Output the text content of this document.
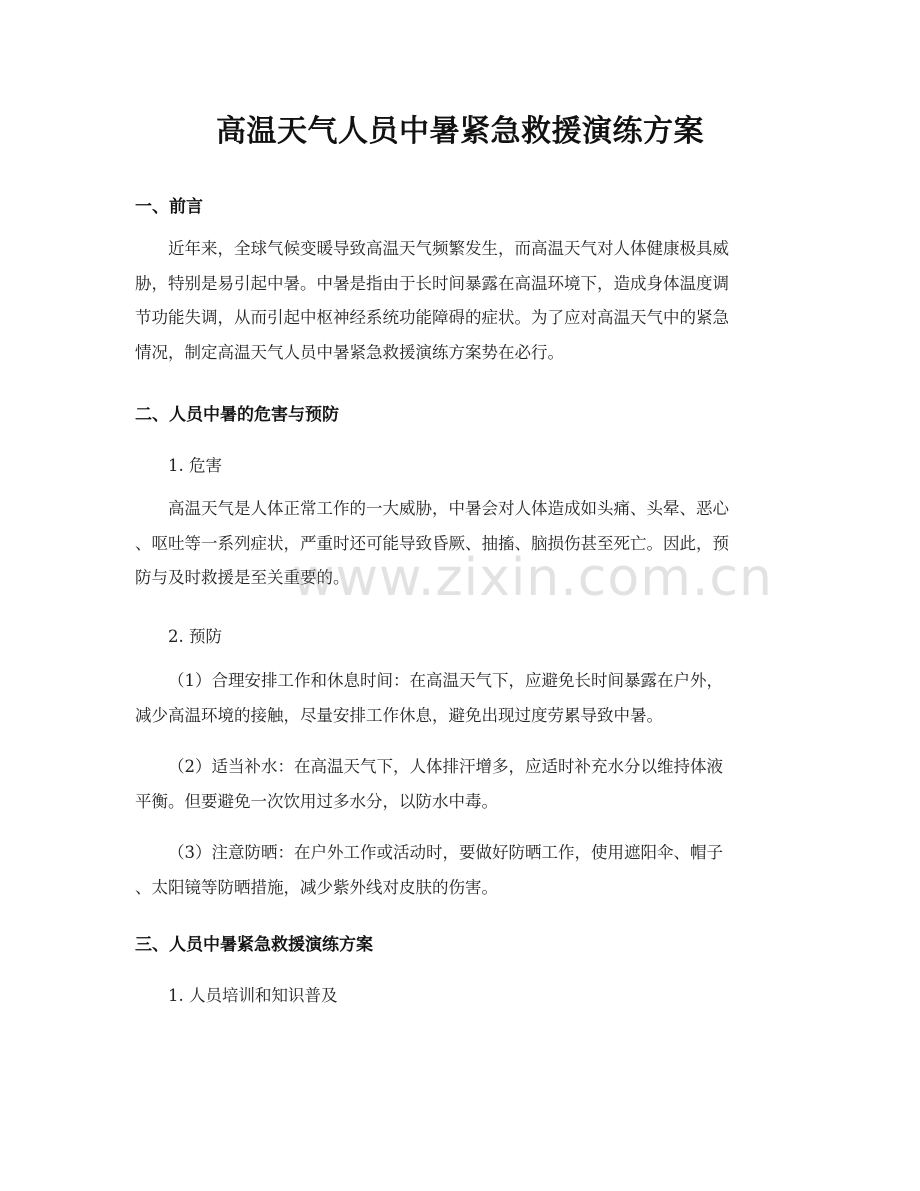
高温天气人员中暑紧急救援演练方案
一、前言
近年来，全球气候变暖导致高温天气频繁发生，而高温天气对人体健康极具威
胁，特别是易引起中暑。中暑是指由于长时间暴露在高温环境下，造成身体温度调
节功能失调，从而引起中枢神经系统功能障碍的症状。为了应对高温天气中的紧急
情况，制定高温天气人员中暑紧急救援演练方案势在必行。
二、人员中暑的危害与预防
1. 危害
高温天气是人体正常工作的一大威胁，中暑会对人体造成如头痛、头晕、恶心
、呕吐等一系列症状，严重时还可能导致昏厥、抽搐、脑损伤甚至死亡。因此，预
防与及时救援是至关重要的。
2. 预防
（1）合理安排工作和休息时间：在高温天气下，应避免长时间暴露在户外，
减少高温环境的接触，尽量安排工作休息，避免出现过度劳累导致中暑。
（2）适当补水：在高温天气下，人体排汗增多，应适时补充水分以维持体液
平衡。但要避免一次饮用过多水分，以防水中毒。
（3）注意防晒：在户外工作或活动时，要做好防晒工作，使用遮阳伞、帽子
、太阳镜等防晒措施，减少紫外线对皮肤的伤害。
三、人员中暑紧急救援演练方案
1. 人员培训和知识普及
www.zixin.com.cn
